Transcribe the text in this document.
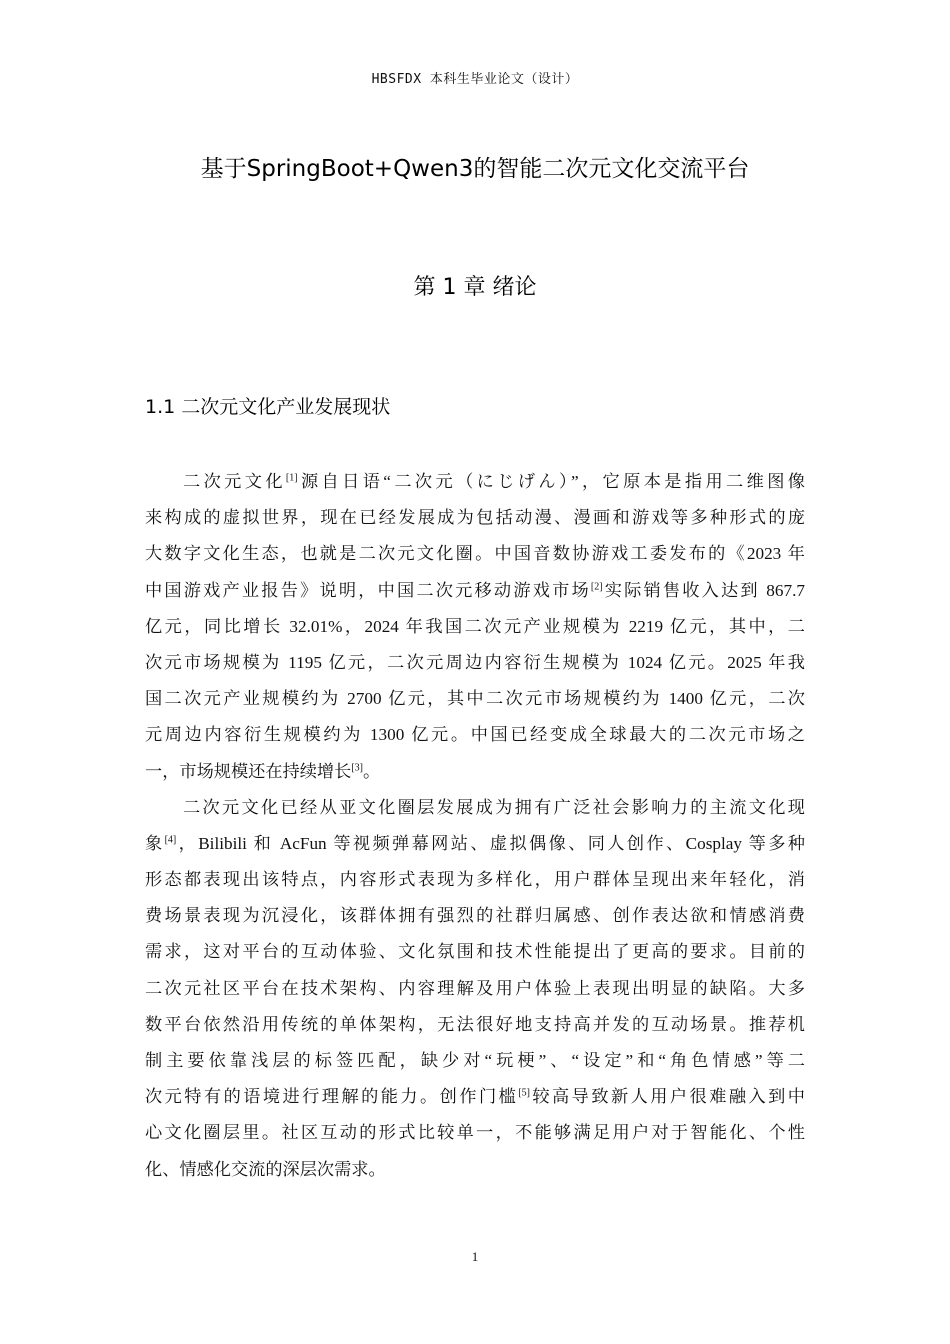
HBSFDX 本科生毕业论文（设计）
基于SpringBoot+Qwen3的智能二次元文化交流平台
第 1 章 绪论
1.1 二次元文化产业发展现状
二次元文化[1]源自日语“二次元（にじげん）”，它原本是指用二维图像
来构成的虚拟世界，现在已经发展成为包括动漫、漫画和游戏等多种形式的庞
大数字文化生态，也就是二次元文化圈。中国音数协游戏工委发布的《2023 年
中国游戏产业报告》说明，中国二次元移动游戏市场[2]实际销售收入达到 867.7
亿元，同比增长 32.01%，2024 年我国二次元产业规模为 2219 亿元，其中，二
次元市场规模为 1195 亿元，二次元周边内容衍生规模为 1024 亿元。2025 年我
国二次元产业规模约为 2700 亿元，其中二次元市场规模约为 1400 亿元，二次
元周边内容衍生规模约为 1300 亿元。中国已经变成全球最大的二次元市场之
一，市场规模还在持续增长[3]。
二次元文化已经从亚文化圈层发展成为拥有广泛社会影响力的主流文化现
象[4]，Bilibili 和 AcFun 等视频弹幕网站、虚拟偶像、同人创作、Cosplay 等多种
形态都表现出该特点，内容形式表现为多样化，用户群体呈现出来年轻化，消
费场景表现为沉浸化，该群体拥有强烈的社群归属感、创作表达欲和情感消费
需求，这对平台的互动体验、文化氛围和技术性能提出了更高的要求。目前的
二次元社区平台在技术架构、内容理解及用户体验上表现出明显的缺陷。大多
数平台依然沿用传统的单体架构，无法很好地支持高并发的互动场景。推荐机
制主要依靠浅层的标签匹配，缺少对“玩梗”、“设定”和“角色情感”等二
次元特有的语境进行理解的能力。创作门槛[5]较高导致新人用户很难融入到中
心文化圈层里。社区互动的形式比较单一，不能够满足用户对于智能化、个性
化、情感化交流的深层次需求。
1
